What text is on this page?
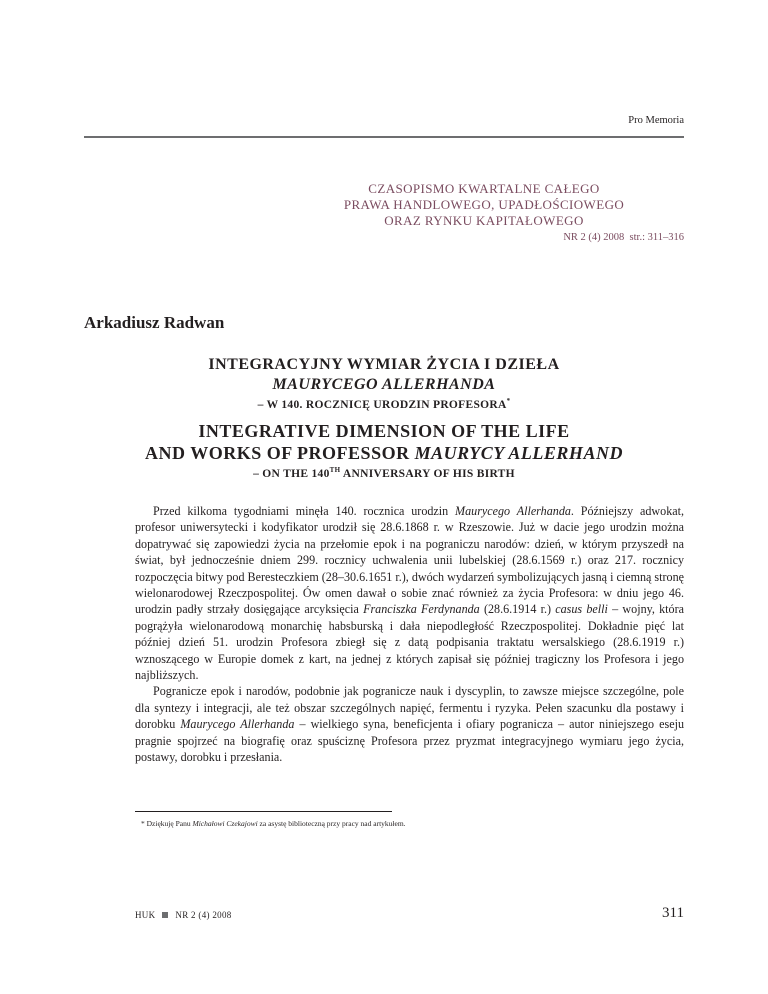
Pro Memoria
CZASOPISMO KWARTALNE CAŁEGO
PRAWA HANDLOWEGO, UPADŁOŚCIOWEGO
ORAZ RYNKU KAPITAŁOWEGO
NR 2 (4) 2008 str.: 311–316
Arkadiusz Radwan
INTEGRACYJNY WYMIAR ŻYCIA I DZIEŁA
MAURYCEGO ALLERHANDA
– W 140. ROCZNICĘ URODZIN PROFESORA*
INTEGRATIVE DIMENSION OF THE LIFE
AND WORKS OF PROFESSOR MAURYCY ALLERHAND
– ON THE 140TH ANNIVERSARY OF HIS BIRTH

Przed kilkoma tygodniami minęła 140. rocznica urodzin Maurycego Allerhanda. Późniejszy adwokat, profesor uniwersytecki i kodyfikator urodził się 28.6.1868 r. w Rzeszowie. Już w dacie jego urodzin można dopatrywać się zapowiedzi życia na przełomie epok i na pograniczu narodów: dzień, w którym przyszedł na świat, był jednocześnie dniem 299. rocznicy uchwalenia unii lubelskiej (28.6.1569 r.) oraz 217. rocznicy rozpoczęcia bitwy pod Beresteczkiem (28–30.6.1651 r.), dwóch wydarzeń symbolizujących jasną i ciemną stronę wielonarodowej Rzeczpospolitej. Ów omen dawał o sobie znać również za życia Profesora: w dniu jego 46. urodzin padły strzały dosięgające arcyksięcia Franciszka Ferdynanda (28.6.1914 r.) casus belli – wojny, która pogrążyła wielonarodową monarchię habsburską i dała niepodległość Rzeczpospolitej. Dokładnie pięć lat później dzień 51. urodzin Profesora zbiegł się z datą podpisania traktatu wersalskiego (28.6.1919 r.) wznoszącego w Europie domek z kart, na jednej z których zapisał się później tragiczny los Profesora i jego najbliższych.

Pogranicze epok i narodów, podobnie jak pogranicze nauk i dyscyplin, to zawsze miejsce szczególne, pole dla syntezy i integracji, ale też obszar szczególnych napięć, fermentu i ryzyka. Pełen szacunku dla postawy i dorobku Maurycego Allerhanda – wielkiego syna, beneficjenta i ofiary pogranicza – autor niniejszego eseju pragnie spojrzeć na biografię oraz spuściznę Profesora przez pryzmat integracyjnego wymiaru jego życia, postawy, dorobku i przesłania.

* Dziękuję Panu Michałowi Czekajowi za asystę biblioteczną przy pracy nad artykułem.
HUK NR 2 (4) 2008	311
